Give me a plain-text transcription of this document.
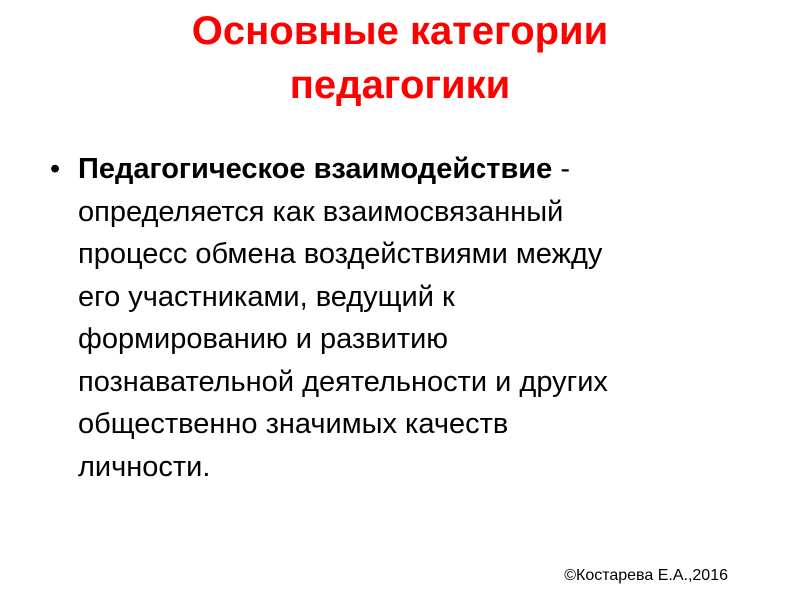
Основные категории
педагогики
• Педагогическое взаимодействие -
определяется как взаимосвязанный
процесс обмена воздействиями между
его участниками, ведущий к
формированию и развитию
познавательной деятельности и других
общественно значимых качеств
личности.
©Костарева Е.А.,2016
